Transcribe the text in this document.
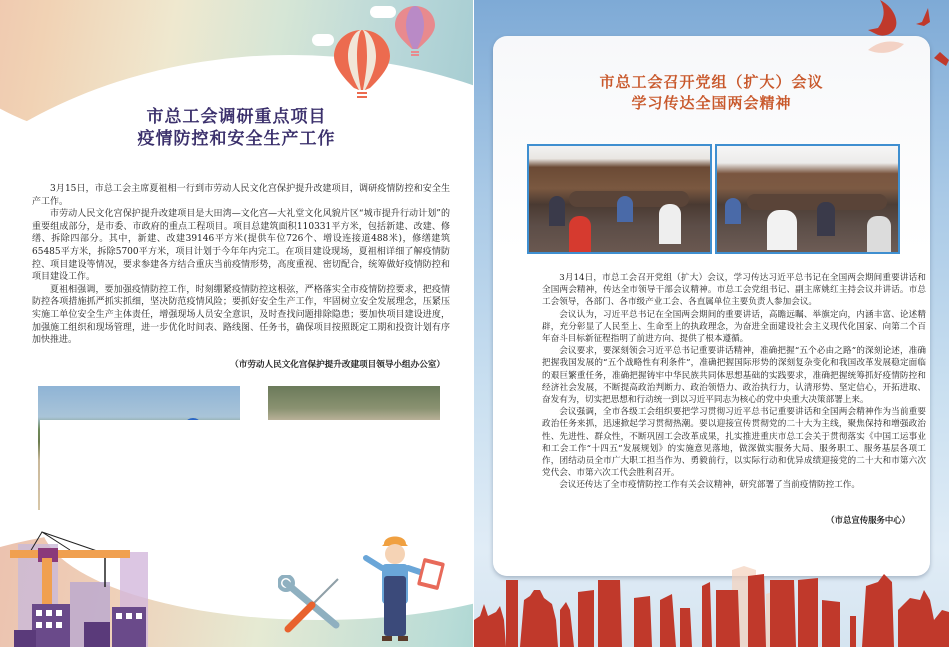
市总工会调研重点项目
疫情防控和安全生产工作

3月15日，市总工会主席夏祖相一行到市劳动人民文化宫保护提升改建项目，调研疫情防控和安全生产工作。

市劳动人民文化宫保护提升改建项目是大田湾—文化宫—大礼堂文化风貌片区“城市提升行动计划”的重要组成部分，是市委、市政府的重点工程项目。项目总建筑面积110331平方米，包括新建、改建、修缮、拆除四部分。其中，新建、改建39146平方米(提供车位726个、增设连接道488米)，修缮建筑65485平方米，拆除5700平方米，项目计划于今年年内完工。在项目建设现场，夏祖相详细了解疫情防控、项目建设等情况，要求参建各方结合重庆当前疫情形势，高度重视、密切配合，统筹做好疫情防控和项目建设工作。

夏祖相强调，要加强疫情防控工作，时刻绷紧疫情防控这根弦，严格落实全市疫情防控要求，把疫情防控各项措施抓严抓实抓细，坚决防范疫情风险；要抓好安全生产工作，牢固树立安全发展理念，压紧压实施工单位安全生产主体责任，增强现场人员安全意识，及时查找问题排除隐患；要加快项目建设进度，加强施工组织和现场管理，进一步优化时间表、路线图、任务书，确保项目按照既定工期和投资计划有序加快推进。

（市劳动人民文化宫保护提升改建项目领导小组办公室）
市总工会召开党组（扩大）会议
学习传达全国两会精神

3月14日，市总工会召开党组（扩大）会议，学习传达习近平总书记在全国两会期间重要讲话和全国两会精神，传达全市领导干部会议精神。市总工会党组书记、副主席姚红主持会议并讲话。市总工会领导，各部门、各市级产业工会、各直属单位主要负责人参加会议。

会议认为，习近平总书记在全国两会期间的重要讲话，高瞻远瞩、举旗定向，内涵丰富、论述精辟，充分彰显了人民至上、生命至上的执政理念，为奋进全面建设社会主义现代化国家、向第二个百年奋斗目标新征程指明了前进方向、提供了根本遵循。

会议要求，要深刻领会习近平总书记重要讲话精神，准确把握“五个必由之路”的深刻论述，准确把握我国发展的“五个战略性有利条件”，准确把握国际形势的深刻复杂变化和我国改革发展稳定面临的艰巨繁重任务，准确把握铸牢中华民族共同体思想基础的实践要求，准确把握统筹抓好疫情防控和经济社会发展，不断提高政治判断力、政治领悟力、政治执行力，认清形势、坚定信心，开拓进取、奋发有为，切实把思想和行动统一到以习近平同志为核心的党中央重大决策部署上来。

会议强调，全市各级工会组织要把学习贯彻习近平总书记重要讲话和全国两会精神作为当前重要政治任务来抓，迅速掀起学习贯彻热潮。要以迎接宣传贯彻党的二十大为主线，聚焦保持和增强政治性、先进性、群众性，不断巩固工会改革成果，扎实推进重庆市总工会关于贯彻落实《中国工运事业和工会工作“十四五”发展规划》的实施意见落地，做深做实服务大局、服务职工、服务基层各项工作，团结动员全市广大职工担当作为、勇毅前行，以实际行动和优异成绩迎接党的二十大和市第六次党代会、市第六次工代会胜利召开。

会议还传达了全市疫情防控工作有关会议精神，研究部署了当前疫情防控工作。

（市总宣传服务中心）
